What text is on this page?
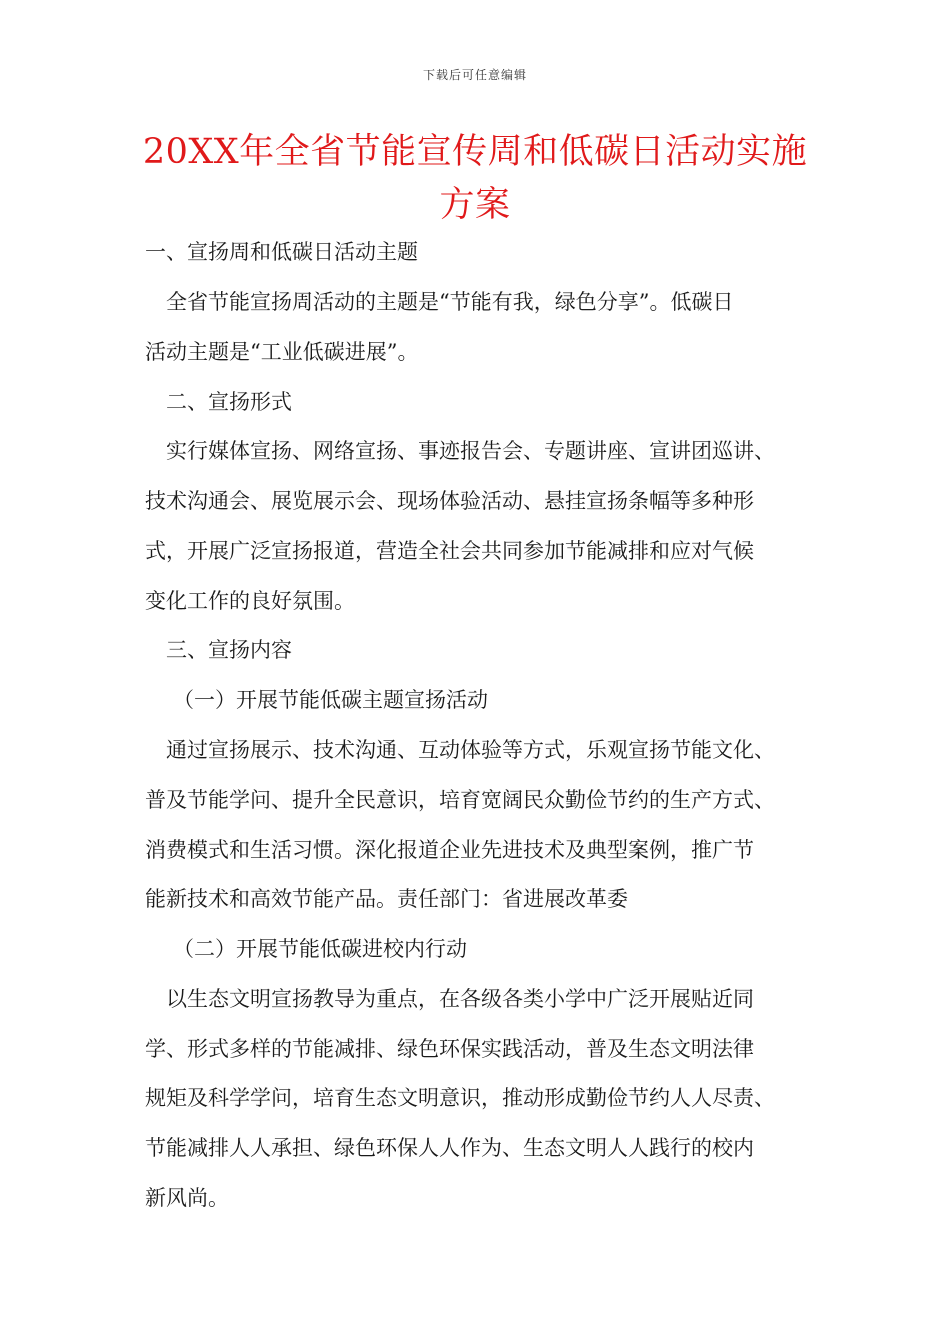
下载后可任意编辑
20XX年全省节能宣传周和低碳日活动实施
方案
一、宣扬周和低碳日活动主题
全省节能宣扬周活动的主题是“节能有我，绿色分享”。低碳日
活动主题是“工业低碳进展”。
二、宣扬形式
实行媒体宣扬、网络宣扬、事迹报告会、专题讲座、宣讲团巡讲、
技术沟通会、展览展示会、现场体验活动、悬挂宣扬条幅等多种形
式，开展广泛宣扬报道，营造全社会共同参加节能减排和应对气候
变化工作的良好氛围。
三、宣扬内容
（一）开展节能低碳主题宣扬活动
通过宣扬展示、技术沟通、互动体验等方式，乐观宣扬节能文化、
普及节能学问、提升全民意识，培育宽阔民众勤俭节约的生产方式、
消费模式和生活习惯。深化报道企业先进技术及典型案例，推广节
能新技术和高效节能产品。责任部门：省进展改革委
（二）开展节能低碳进校内行动
以生态文明宣扬教导为重点，在各级各类小学中广泛开展贴近同
学、形式多样的节能减排、绿色环保实践活动，普及生态文明法律
规矩及科学学问，培育生态文明意识，推动形成勤俭节约人人尽责、
节能减排人人承担、绿色环保人人作为、生态文明人人践行的校内
新风尚。
